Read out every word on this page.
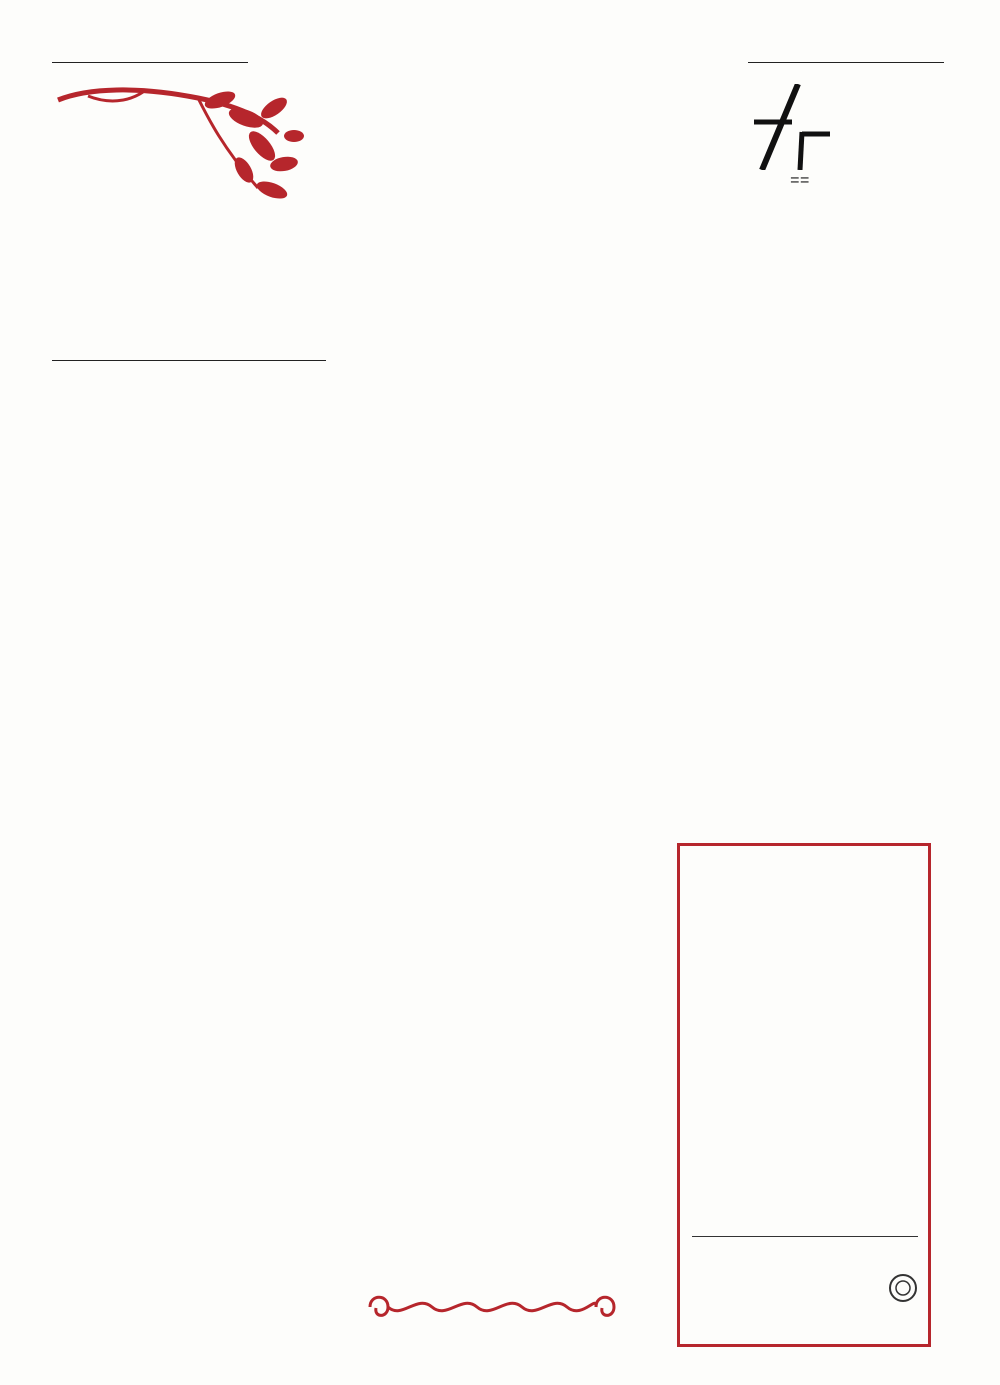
==
